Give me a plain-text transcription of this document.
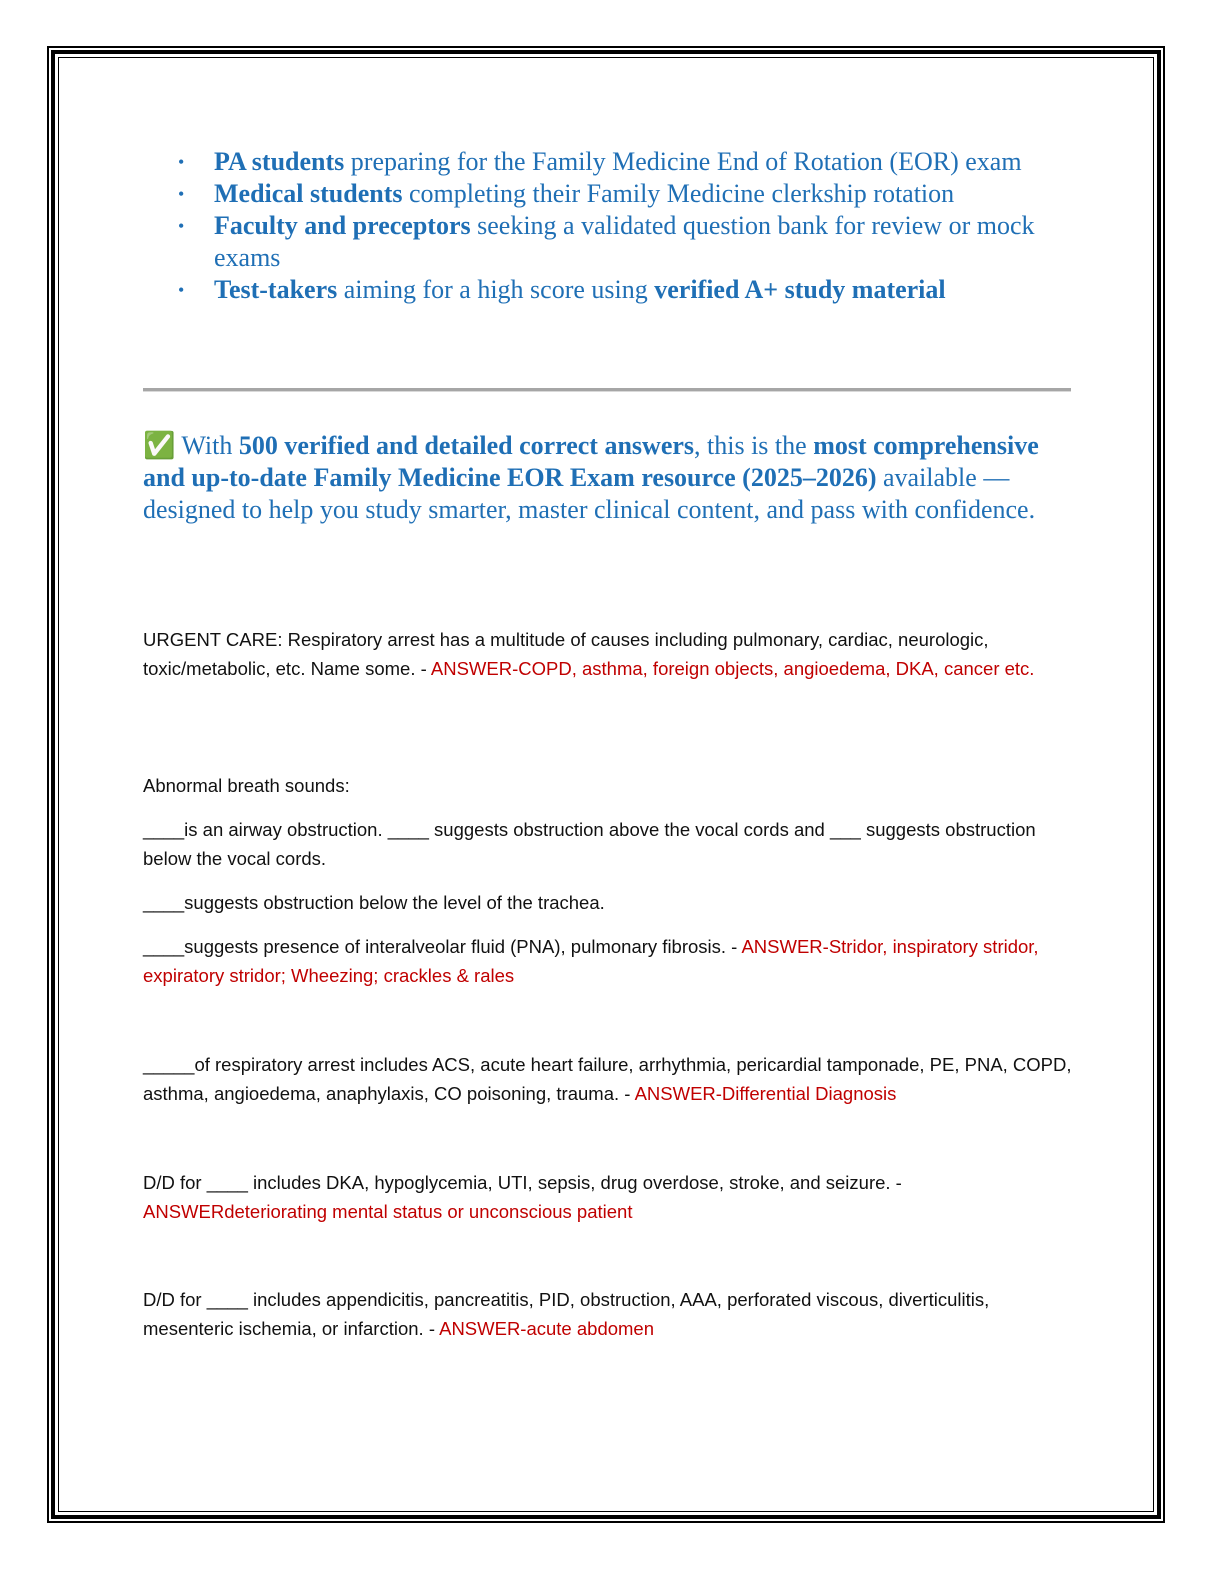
• PA students preparing for the Family Medicine End of Rotation (EOR) exam
• Medical students completing their Family Medicine clerkship rotation
• Faculty and preceptors seeking a validated question bank for review or mock exams
• Test-takers aiming for a high score using verified A+ study material

✅ With 500 verified and detailed correct answers, this is the most comprehensive and up-to-date Family Medicine EOR Exam resource (2025–2026) available — designed to help you study smarter, master clinical content, and pass with confidence.

URGENT CARE: Respiratory arrest has a multitude of causes including pulmonary, cardiac, neurologic, toxic/metabolic, etc. Name some. - ANSWER-COPD, asthma, foreign objects, angioedema, DKA, cancer etc.

Abnormal breath sounds:

____is an airway obstruction. ____ suggests obstruction above the vocal cords and ___ suggests obstruction below the vocal cords.

____suggests obstruction below the level of the trachea.

____suggests presence of interalveolar fluid (PNA), pulmonary fibrosis. - ANSWER-Stridor, inspiratory stridor, expiratory stridor; Wheezing; crackles & rales

_____of respiratory arrest includes ACS, acute heart failure, arrhythmia, pericardial tamponade, PE, PNA, COPD, asthma, angioedema, anaphylaxis, CO poisoning, trauma. - ANSWER-Differential Diagnosis

D/D for ____ includes DKA, hypoglycemia, UTI, sepsis, drug overdose, stroke, and seizure. - ANSWERdeteriorating mental status or unconscious patient

D/D for ____ includes appendicitis, pancreatitis, PID, obstruction, AAA, perforated viscous, diverticulitis, mesenteric ischemia, or infarction. - ANSWER-acute abdomen
